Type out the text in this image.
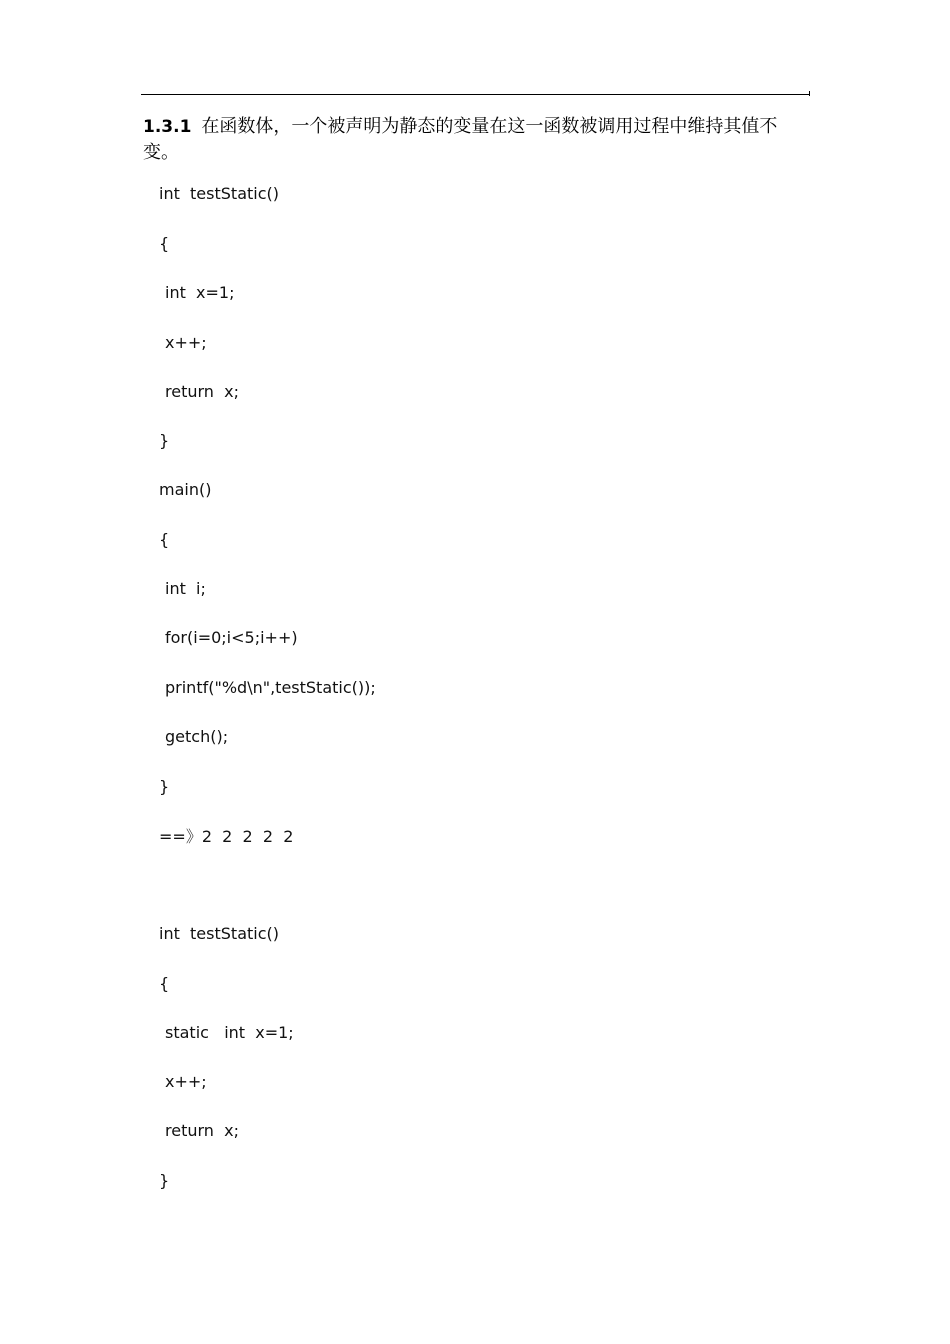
1.3.1 在函数体，一个被声明为静态的变量在这一函数被调用过程中维持其值不变。
int  testStatic()
{
int  x=1;
x++;
return  x;
}
main()
{
int  i;
for(i=0;i<5;i++)
printf("%d\n",testStatic());
getch();
}
==》2  2  2  2  2
int  testStatic()
{
static   int  x=1;
x++;
return  x;
}
